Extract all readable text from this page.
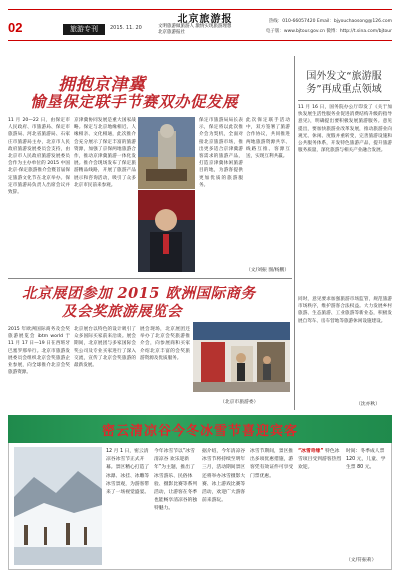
02	旅游专刊	2015. 11. 20
北京旅游报
文明旅游做旅游人 激情实现旅游理想
北京旅游报社
热线：010-66057420 Email：bjyouchaosong@126.com
电子版：www.bjtour.gov.cn 微博：http://t.sina.com/bjtour
拥抱京津冀
愉垦保定联手节赛双办促发展
11 月 20—22 日，由保定市人民政府、市旅游局、保定市旅游局、河北省旅游局、石家庄市旅游局主办，北京市人民政府旅游发展委员会支持，由北京市人民政府旅游发展委员会作为主办单位的 2015 中国北京·保定旅游推介会暨首届保定旅游文化节在北京举办。保定市旅游局负责人出席会议并致辞。
京津冀协同发展是重大国家战略。保定与北京地缘相近、人缘相亲、文化相通，此次推介会充分展示了保定丰富的旅游资源，加强了京保两地旅游合作，推动京津冀旅游一体化发展。推介会现场发布了保定旅游精品线路，开展了旅游产品展示和咨询活动，吸引了众多北京市民前来参观。
保定市旅游局局长表示，保定将以此次推介会为契机，全面对接北京旅游市场，推出更多适合京津冀游客需求的旅游产品，打造京津冀休闲旅游目的地，为游客提供更加优质的旅游服务。
此次保定联手活动中，双方签署了旅游合作协议，共同推进两地旅游资源共享、线路互推、客源互送，实现互利共赢。
（文/刘振 图/杨鹏）
北京展团参加 2015 欧洲国际商务
及会奖旅游展览会
2015 年欧洲国际商务及会奖旅游展览会 ibtm world 于 11 月 17 日—19 日在西班牙巴塞罗那举行。北京市旅游发展委员会组织北京会奖旅游企业参展，向全球推介北京会奖旅游资源。
北京展台以特色的设计吸引了众多国际买家前来洽谈。展会期间，北京展团与多家国际会奖公司及专业买家进行了深入交流，宣传了北京会奖旅游的最新发展。
展会现场，北京展团还举办了北京会奖旅游推介会，向参展商和买家介绍北京丰富的会奖旅游资源及优质服务。
（北京市旅游委）
国外发文“旅游服
务”再成重点领域
11 月 16 日，国务院办公厅印发了《关于加快发展生活性服务业促进消费结构升级的指导意见》，明确提出要积极发展旅游服务。意见提出，要加快旅游业改革发展，推动旅游业向观光、休闲、度假并重转变，完善旅游设施和公共服务体系，开发特色旅游产品，提升旅游服务质量，深化旅游与相关产业融合发展。
同时，意见要求加强旅游市场监管，规范旅游市场秩序，维护游客合法权益。大力发展乡村旅游、生态旅游、工业旅游等新业态，积极发展自驾车、房车营地等旅游休闲设施建设。
（沈亦秋）
密云清凉谷今冬冰雪节喜迎宾客
12 月 1 日，密云清凉谷冰雪节正式开幕。景区精心打造了冰瀑、冰挂、冰雕等冰雪景观，为游客带来了一场视觉盛宴。
今年冰雪节以“冰雪清凉谷 欢乐迎新年”为主题，推出了冰雪游乐、民俗体验、摄影比赛等系列活动，让游客在冬季也能畅享清凉谷的独特魅力。
据介绍，今年清凉谷冰雪节将持续至明年三月，活动期间景区还将举办冰雪摄影大赛、冰上游戏比赛等活动，欢迎广大游客前来游玩。
冰雪节期间，景区推出多项优惠措施，游客凭有效证件可享受门票优惠。
“冰雪奇缘” 特色冰雪项目受到游客热烈欢迎。
时间：冬季成人票 120 元，儿童、学生票 80 元。
（文/符振莉）
